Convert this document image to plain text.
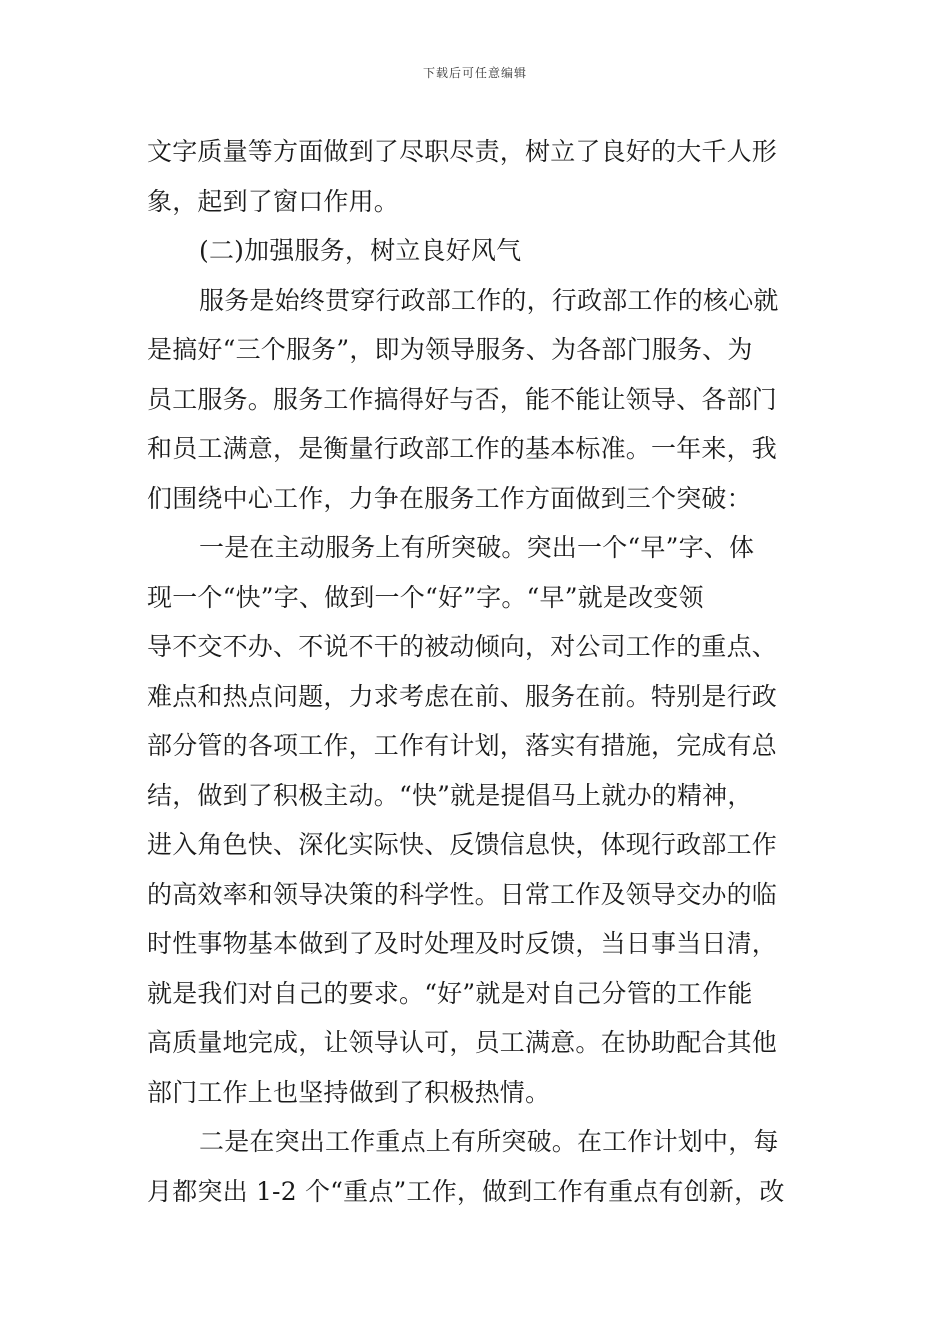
下载后可任意编辑
文字质量等方面做到了尽职尽责，树立了良好的大千人形
象，起到了窗口作用。
(二)加强服务，树立良好风气
服务是始终贯穿行政部工作的，行政部工作的核心就
是搞好“三个服务”，即为领导服务、为各部门服务、为
员工服务。服务工作搞得好与否，能不能让领导、各部门
和员工满意，是衡量行政部工作的基本标准。一年来，我
们围绕中心工作，力争在服务工作方面做到三个突破：
一是在主动服务上有所突破。突出一个“早”字、体
现一个“快”字、做到一个“好”字。“早”就是改变领
导不交不办、不说不干的被动倾向，对公司工作的重点、
难点和热点问题，力求考虑在前、服务在前。特别是行政
部分管的各项工作，工作有计划，落实有措施，完成有总
结，做到了积极主动。“快”就是提倡马上就办的精神，
进入角色快、深化实际快、反馈信息快，体现行政部工作
的高效率和领导决策的科学性。日常工作及领导交办的临
时性事物基本做到了及时处理及时反馈，当日事当日清，
就是我们对自己的要求。“好”就是对自己分管的工作能
高质量地完成，让领导认可，员工满意。在协助配合其他
部门工作上也坚持做到了积极热情。
二是在突出工作重点上有所突破。在工作计划中，每
月都突出 1-2 个“重点”工作，做到工作有重点有创新，改
